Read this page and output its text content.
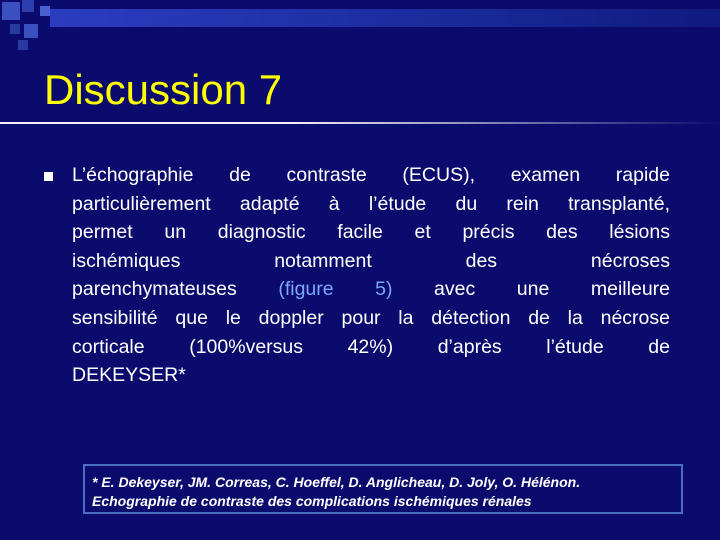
Discussion 7
L’échographie de contraste (ECUS), examen rapide
particulièrement adapté à l’étude du rein transplanté,
permet un diagnostic facile et précis des lésions
ischémiques notamment des nécroses
parenchymateuses (figure 5) avec une meilleure
sensibilité que le doppler pour la détection de la nécrose
corticale (100%versus 42%) d’après l’étude de
DEKEYSER*
* E. Dekeyser, JM. Correas, C. Hoeffel, D. Anglicheau, D. Joly, O. Hélénon.
Echographie de contraste des complications ischémiques rénales
